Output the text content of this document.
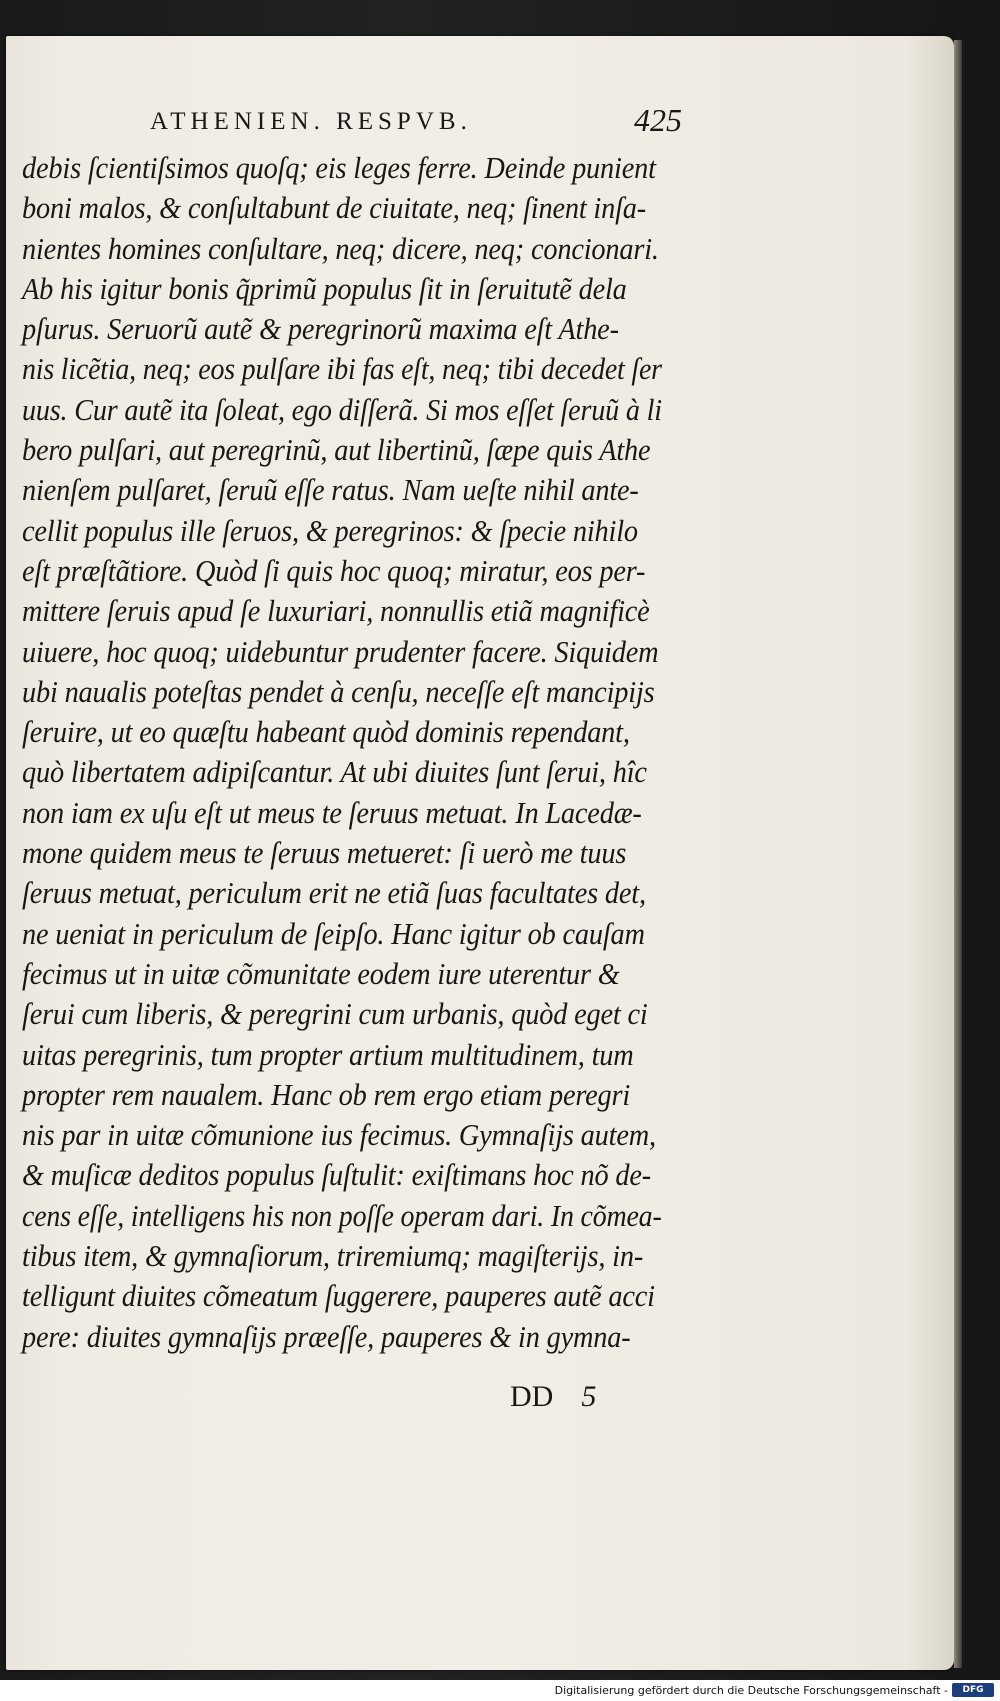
ATHENIEN. RESPVB.	425
debis ſcientiſsimos quoſq; eis leges ferre. Deinde punient
boni malos, & conſultabunt de ciuitate, neq; ſinent inſa-
nientes homines conſultare, neq; dicere, neq; concionari.
Ab his igitur bonis q̃primũ populus ſit in ſeruitutẽ dela
pſurus. Seruorũ autẽ & peregrinorũ maxima eſt Athe-
nis licẽtia, neq; eos pulſare ibi fas eſt, neq; tibi decedet ſer
uus. Cur autẽ ita ſoleat, ego diſſerã. Si mos eſſet ſeruũ à li
bero pulſari, aut peregrinũ, aut libertinũ, ſæpe quis Athe
nienſem pulſaret, ſeruũ eſſe ratus. Nam ueſte nihil ante-
cellit populus ille ſeruos, & peregrinos: & ſpecie nihilo
eſt præſtãtiore. Quòd ſi quis hoc quoq; miratur, eos per-
mittere ſeruis apud ſe luxuriari, nonnullis etiã magnificè
uiuere, hoc quoq; uidebuntur prudenter facere. Siquidem
ubi naualis poteſtas pendet à cenſu, neceſſe eſt mancipijs
ſeruire, ut eo quæſtu habeant quòd dominis rependant,
quò libertatem adipiſcantur. At ubi diuites ſunt ſerui, hîc
non iam ex uſu eſt ut meus te ſeruus metuat. In Lacedæ-
mone quidem meus te ſeruus metueret: ſi uerò me tuus
ſeruus metuat, periculum erit ne etiã ſuas facultates det,
ne ueniat in periculum de ſeipſo. Hanc igitur ob cauſam
fecimus ut in uitæ cõmunitate eodem iure uterentur &
ſerui cum liberis, & peregrini cum urbanis, quòd eget ci
uitas peregrinis, tum propter artium multitudinem, tum
propter rem naualem. Hanc ob rem ergo etiam peregri
nis par in uitæ cõmunione ius fecimus. Gymnaſijs autem,
& muſicæ deditos populus ſuſtulit: exiſtimans hoc nõ de-
cens eſſe, intelligens his non poſſe operam dari. In cõmea-
tibus item, & gymnaſiorum, triremiumq; magiſterijs, in-
telligunt diuites cõmeatum ſuggerere, pauperes autẽ acci
pere: diuites gymnaſijs præeſſe, pauperes & in gymna-
DD 5
Digitalisierung gefördert durch die Deutsche Forschungsgemeinschaft -	DFG
